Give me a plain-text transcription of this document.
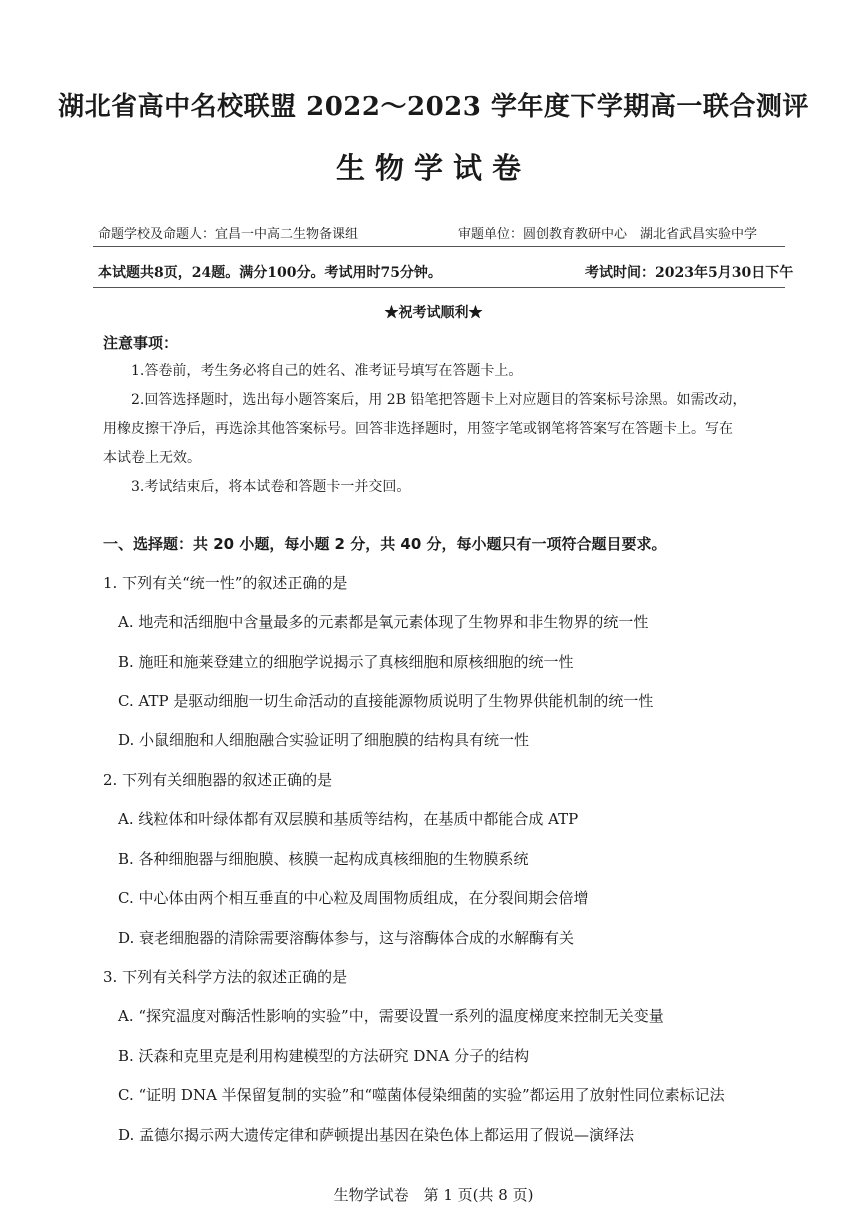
湖北省高中名校联盟 2022～2023 学年度下学期高一联合测评
生物学试卷
命题学校及命题人：宜昌一中高二生物备课组	审题单位：圆创教育教研中心　湖北省武昌实验中学
本试题共8页，24题。满分100分。考试用时75分钟。	考试时间：2023年5月30日下午
★祝考试顺利★
注意事项：
1.答卷前，考生务必将自己的姓名、准考证号填写在答题卡上。
2.回答选择题时，选出每小题答案后，用 2B 铅笔把答题卡上对应题目的答案标号涂黑。如需改动，
用橡皮擦干净后，再选涂其他答案标号。回答非选择题时，用签字笔或钢笔将答案写在答题卡上。写在
本试卷上无效。
3.考试结束后，将本试卷和答题卡一并交回。
一、选择题：共 20 小题，每小题 2 分，共 40 分，每小题只有一项符合题目要求。
1. 下列有关“统一性”的叙述正确的是
A. 地壳和活细胞中含量最多的元素都是氧元素体现了生物界和非生物界的统一性
B. 施旺和施莱登建立的细胞学说揭示了真核细胞和原核细胞的统一性
C. ATP 是驱动细胞一切生命活动的直接能源物质说明了生物界供能机制的统一性
D. 小鼠细胞和人细胞融合实验证明了细胞膜的结构具有统一性
2. 下列有关细胞器的叙述正确的是
A. 线粒体和叶绿体都有双层膜和基质等结构，在基质中都能合成 ATP
B. 各种细胞器与细胞膜、核膜一起构成真核细胞的生物膜系统
C. 中心体由两个相互垂直的中心粒及周围物质组成，在分裂间期会倍增
D. 衰老细胞器的清除需要溶酶体参与，这与溶酶体合成的水解酶有关
3. 下列有关科学方法的叙述正确的是
A. “探究温度对酶活性影响的实验”中，需要设置一系列的温度梯度来控制无关变量
B. 沃森和克里克是利用构建模型的方法研究 DNA 分子的结构
C. “证明 DNA 半保留复制的实验”和“噬菌体侵染细菌的实验”都运用了放射性同位素标记法
D. 孟德尔揭示两大遗传定律和萨顿提出基因在染色体上都运用了假说—演绎法
生物学试卷　第 1 页(共 8 页)
